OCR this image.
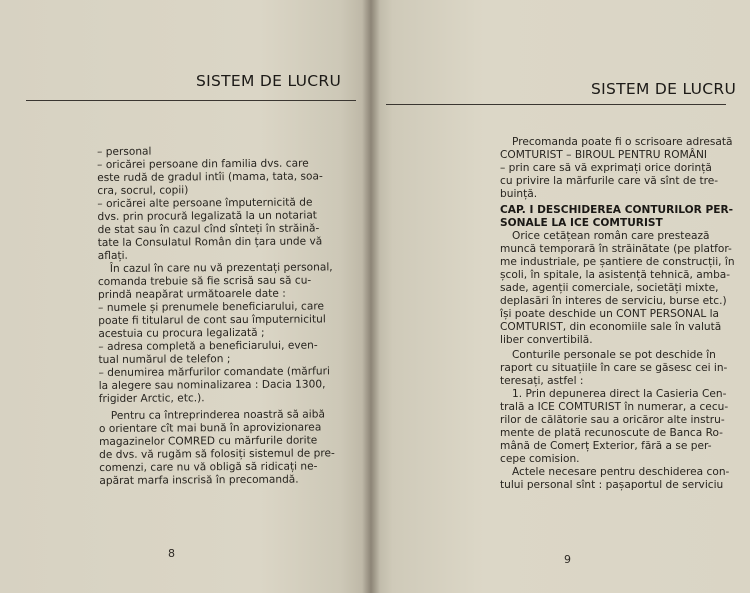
SISTEM DE LUCRU
– personal
– oricărei persoane din familia dvs. care
este rudă de gradul intîi (mama, tata, soa-
cra, socrul, copii)
– oricărei alte persoane împuternicită de
dvs. prin procură legalizată la un notariat
de stat sau în cazul cînd sînteți în străină-
tate la Consulatul Român din țara unde vă
aflați.
În cazul în care nu vă prezentați personal,
comanda trebuie să fie scrisă sau să cu-
prindă neapărat următoarele date :
– numele și prenumele beneficiarului, care
poate fi titularul de cont sau împuternicitul
acestuia cu procura legalizată ;
– adresa completă a beneficiarului, even-
tual numărul de telefon ;
– denumirea mărfurilor comandate (mărfuri
la alegere sau nominalizarea : Dacia 1300,
frigider Arctic, etc.).
Pentru ca întreprinderea noastră să aibă
o orientare cît mai bună în aprovizionarea
magazinelor COMRED cu mărfurile dorite
de dvs. vă rugăm să folosiți sistemul de pre-
comenzi, care nu vă obligă să ridicați ne-
apărat marfa inscrisă în precomandă.
8
SISTEM DE LUCRU
Precomanda poate fi o scrisoare adresată
COMTURIST – BIROUL PENTRU ROMÂNI
– prin care să vă exprimați orice dorință
cu privire la mărfurile care vă sînt de tre-
buință.
CAP. I DESCHIDEREA CONTURILOR PER-
SONALE LA ICE COMTURIST
Orice cetățean român care prestează
muncă temporară în străinătate (pe platfor-
me industriale, pe șantiere de construcții, în
școli, în spitale, la asistență tehnică, amba-
sade, agenții comerciale, societăți mixte,
deplasări în interes de serviciu, burse etc.)
își poate deschide un CONT PERSONAL la
COMTURIST, din economiile sale în valută
liber convertibilă.
Conturile personale se pot deschide în
raport cu situațiile în care se găsesc cei in-
teresați, astfel :
1. Prin depunerea direct la Casieria Cen-
trală a ICE COMTURIST în numerar, a cecu-
rilor de călătorie sau a oricăror alte instru-
mente de plată recunoscute de Banca Ro-
mână de Comerț Exterior, fără a se per-
cepe comision.
Actele necesare pentru deschiderea con-
tului personal sînt : pașaportul de serviciu
9
